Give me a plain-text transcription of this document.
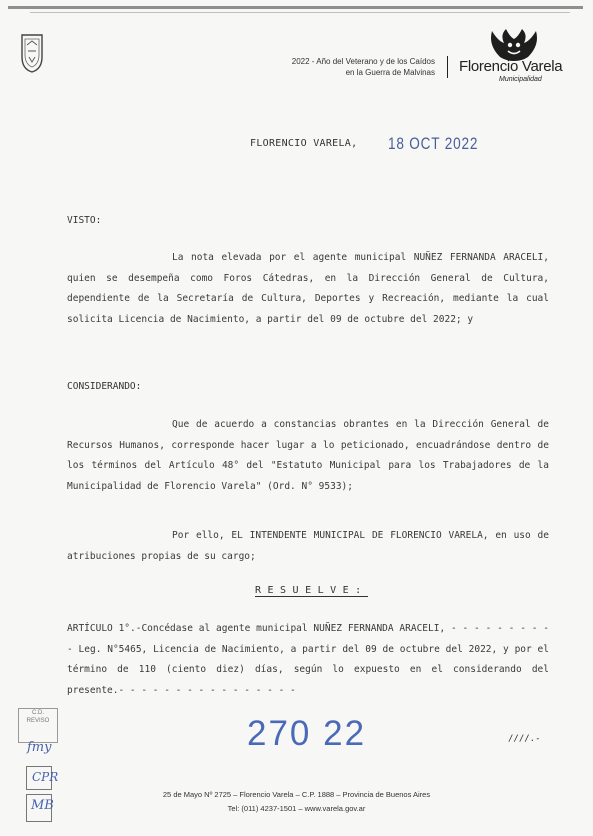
2022 - Año del Veterano y de los Caídos
en la Guerra de Malvinas Florencio Varela
Municipalidad
FLORENCIO VARELA, 18 OCT 2022
VISTO:
La nota elevada por el agente municipal NUÑEZ FERNANDA ARACELI, quien se desempeña como Foros Cátedras, en la Dirección General de Cultura, dependiente de la Secretaría de Cultura, Deportes y Recreación, mediante la cual solicita Licencia de Nacimiento, a partir del 09 de octubre del 2022; y
CONSIDERANDO:
Que de acuerdo a constancias obrantes en la Dirección General de Recursos Humanos, corresponde hacer lugar a lo peticionado, encuadrándose dentro de los términos del Artículo 48° del "Estatuto Municipal para los Trabajadores de la Municipalidad de Florencio Varela" (Ord. N° 9533);
Por ello, EL INTENDENTE MUNICIPAL DE FLORENCIO VARELA, en uso de atribuciones propias de su cargo;
RESUELVE:
ARTÍCULO 1°.-Concédase al agente municipal NUÑEZ FERNANDA ARACELI, - - - - - - - - - - Leg. N°5465, Licencia de Nacimiento, a partir del 09 de octubre del 2022, y por el término de 110 (ciento diez) días, según lo expuesto en el considerando del presente.- - - - - - - - - - - - - - - -
270 22	////.-
C.D.
REVISO
fmy
CPR
MB
25 de Mayo Nº 2725 – Florencio Varela – C.P. 1888 – Provincia de Buenos Aires
Tel: (011) 4237-1501 – www.varela.gov.ar
